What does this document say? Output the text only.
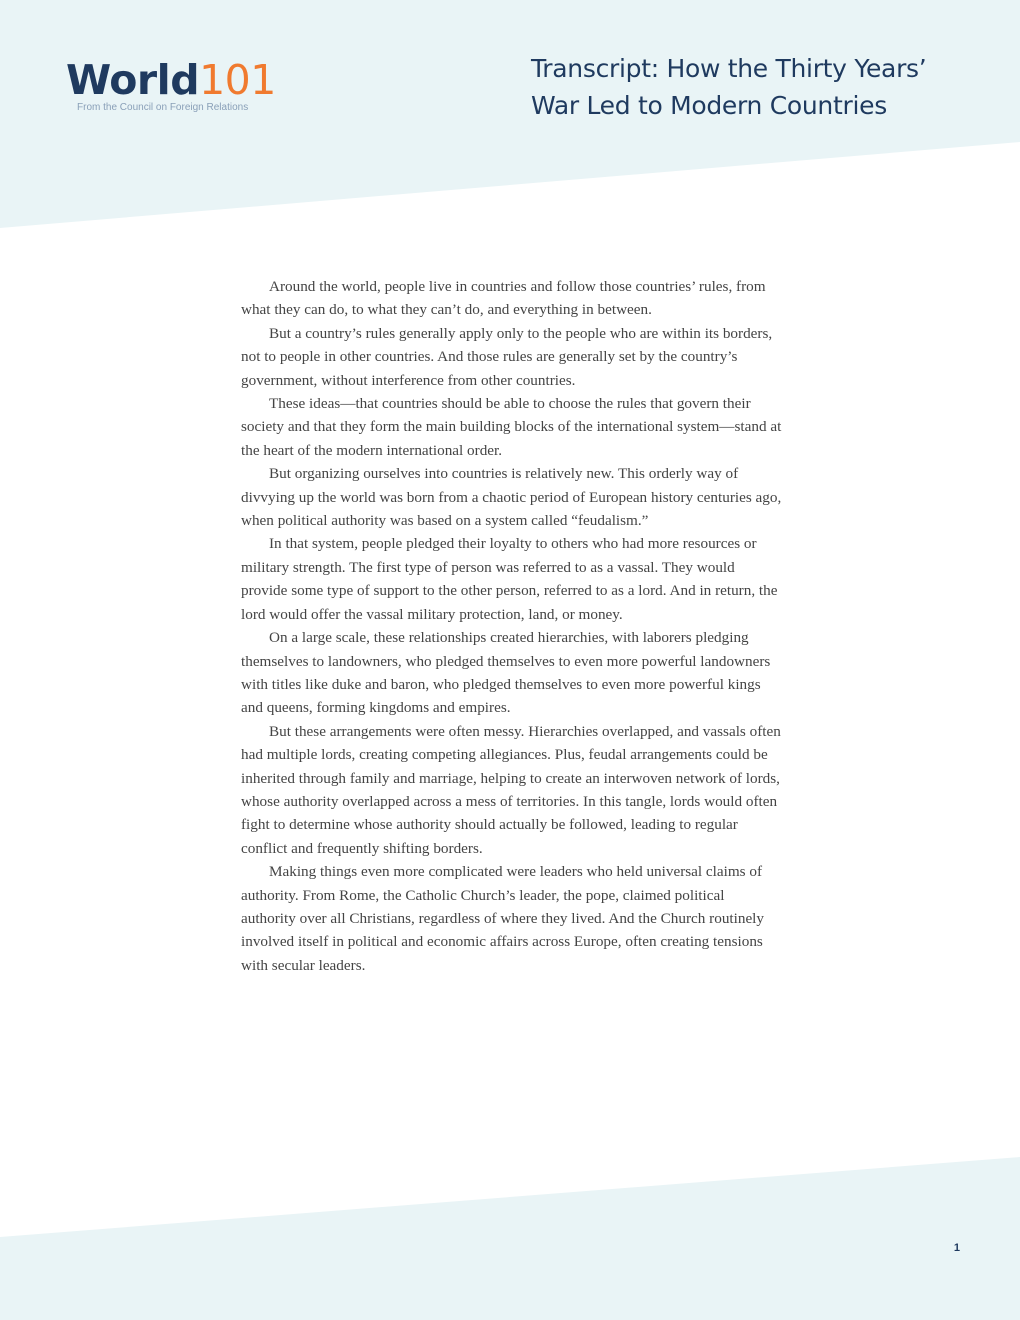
World101
From the Council on Foreign Relations
Transcript: How the Thirty Years’
War Led to Modern Countries

Around the world, people live in countries and follow those countries’ rules, from what they can do, to what they can’t do, and everything in between.

But a country’s rules generally apply only to the people who are within its borders, not to people in other countries. And those rules are generally set by the country’s government, without interference from other countries.

These ideas—that countries should be able to choose the rules that govern their society and that they form the main building blocks of the international system—stand at the heart of the modern international order.

But organizing ourselves into countries is relatively new. This orderly way of divvying up the world was born from a chaotic period of European history centuries ago, when political authority was based on a system called “feudalism.”

In that system, people pledged their loyalty to others who had more resources or military strength. The first type of person was referred to as a vassal. They would provide some type of support to the other person, referred to as a lord. And in return, the lord would offer the vassal military protection, land, or money.

On a large scale, these relationships created hierarchies, with laborers pledging themselves to landowners, who pledged themselves to even more powerful landowners with titles like duke and baron, who pledged themselves to even more powerful kings and queens, forming kingdoms and empires.

But these arrangements were often messy. Hierarchies overlapped, and vassals often had multiple lords, creating competing allegiances. Plus, feudal arrangements could be inherited through family and marriage, helping to create an interwoven network of lords, whose authority overlapped across a mess of territories. In this tangle, lords would often fight to determine whose authority should actually be followed, leading to regular conflict and frequently shifting borders.

Making things even more complicated were leaders who held universal claims of authority. From Rome, the Catholic Church’s leader, the pope, claimed political authority over all Christians, regardless of where they lived. And the Church routinely involved itself in political and economic affairs across Europe, often creating tensions with secular leaders.

1
